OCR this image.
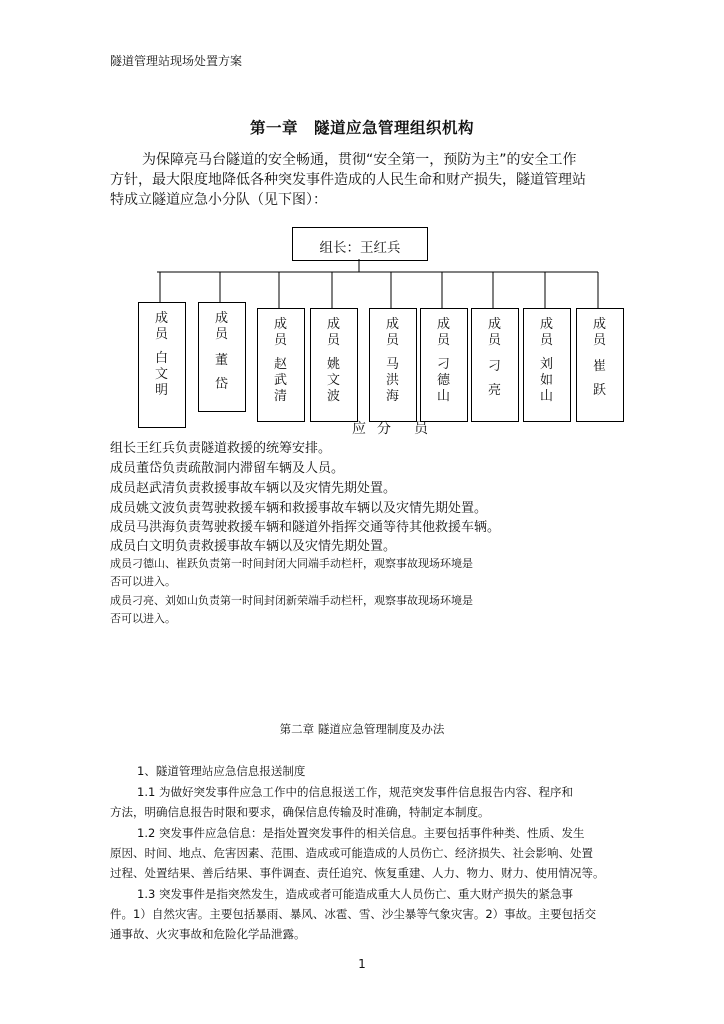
隧道管理站现场处置方案
第一章　隧道应急管理组织机构
为保障亮马台隧道的安全畅通，贯彻“安全第一，预防为主”的安全工作
方针，最大限度地降低各种突发事件造成的人民生命和财产损失，隧道管理站
特成立隧道应急小分队（见下图）：
组长：王红兵
成
员
白
文
明
成
员
董
岱
成
员
赵
武
清
成
员
姚
文
波
成
员
马
洪
海
成
员
刁
德
山
成
员
刁
亮
成
员
刘
如
山
成
员
崔
跃
应 分 员
组长王红兵负责隧道救援的统筹安排。
成员董岱负责疏散洞内滞留车辆及人员。
成员赵武清负责救援事故车辆以及灾情先期处置。
成员姚文波负责驾驶救援车辆和救援事故车辆以及灾情先期处置。
成员马洪海负责驾驶救援车辆和隧道外指挥交通等待其他救援车辆。
成员白文明负责救援事故车辆以及灾情先期处置。
成员刁德山、崔跃负责第一时间封闭大同端手动栏杆，观察事故现场环境是
否可以进入。
成员刁亮、刘如山负责第一时间封闭新荣端手动栏杆，观察事故现场环境是
否可以进入。
第二章 隧道应急管理制度及办法
1、隧道管理站应急信息报送制度
1.1 为做好突发事件应急工作中的信息报送工作，规范突发事件信息报告内容、程序和
方法，明确信息报告时限和要求，确保信息传输及时准确，特制定本制度。
1.2 突发事件应急信息：是指处置突发事件的相关信息。主要包括事件种类、性质、发生
原因、时间、地点、危害因素、范围、造成或可能造成的人员伤亡、经济损失、社会影响、处置
过程、处置结果、善后结果、事件调查、责任追究、恢复重建、人力、物力、财力、使用情况等。
1.3 突发事件是指突然发生，造成或者可能造成重大人员伤亡、重大财产损失的紧急事
件。1）自然灾害。主要包括暴雨、暴风、冰雹、雪、沙尘暴等气象灾害。2）事故。主要包括交
通事故、火灾事故和危险化学品泄露。
1
